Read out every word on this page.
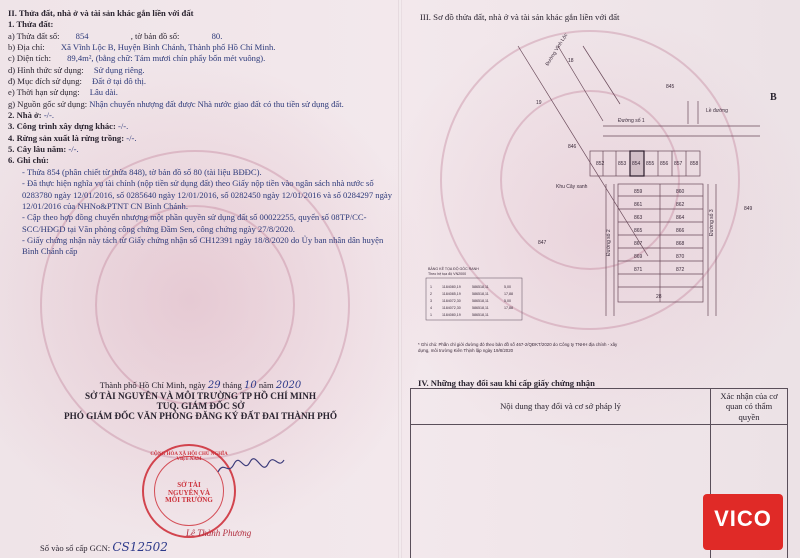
II. Thửa đất, nhà ở và tài sản khác gắn liền với đất
1. Thửa đất:
a) Thửa đất số: 854	, tờ bản đồ số:	80.
b) Địa chỉ: Xã Vĩnh Lộc B, Huyện Bình Chánh, Thành phố Hồ Chí Minh.
c) Diện tích: 89,4m², (bằng chữ: Tám mươi chín phẩy bốn mét vuông).
d) Hình thức sử dụng: Sử dụng riêng.
đ) Mục đích sử dụng: Đất ở tại đô thị.
e) Thời hạn sử dụng: Lâu dài.
g) Nguồn gốc sử dụng: Nhận chuyển nhượng đất được Nhà nước giao đất có thu tiền sử dụng đất.
2. Nhà ở: -/-.
3. Công trình xây dựng khác: -/-.
4. Rừng sản xuất là rừng trồng: -/-.
5. Cây lâu năm: -/-.
6. Ghi chú:
- Thửa 854 (phân chiết từ thửa 848), tờ bản đồ số 80 (tài liệu BĐĐC).
- Đã thực hiện nghĩa vụ tài chính (nộp tiền sử dụng đất) theo Giấy nộp tiền vào ngân sách nhà nước số 0283780 ngày 12/01/2016, số 0285640 ngày 12/01/2016, số 0282450 ngày 12/01/2016 và số 0284297 ngày 12/01/2016 của NHNo&PTNT CN Bình Chánh.
- Cập theo hợp đồng chuyển nhượng một phần quyền sử dụng đất số 00022255, quyển số 08TP/CC-SCC/HĐGD tại Văn phòng công chứng Đầm Sen, công chứng ngày 27/8/2020.
- Giấy chứng nhận này tách từ Giấy chứng nhận số CH12391 ngày 18/8/2020 do Ủy ban nhân dân huyện Bình Chánh cấp
Thành phố Hồ Chí Minh, ngày 29 tháng 10 năm 2020
SỞ TÀI NGUYÊN VÀ MÔI TRƯỜNG TP HỒ CHÍ MINH
TUQ. GIÁM ĐỐC SỞ
PHÓ GIÁM ĐỐC VĂN PHÒNG ĐĂNG KÝ ĐẤT ĐAI THÀNH PHỐ
CỘNG HÒA XÃ HỘI CHỦ NGHĨA VIỆT NAM
SỞ TÀI NGUYÊN VÀ MÔI TRƯỜNG
Lê Thành Phương
Số vào sổ cấp GCN: CS12502
III. Sơ đồ thửa đất, nhà ở và tài sản khác gắn liền với đất
852	853 854 855 856 857 858
859	860
861	862
863	864
865	866
867	868
869	870
871	872
845
846
847
849
18
19
28
Đường số 1
Khu Cây xanh
Đường số 2
Đường số 3
Lề đường
Đường Vĩnh Lộc
B
BẢNG KÊ TỌA ĐỘ GÓC RANH
Theo hệ tọa độ VN2000
1	1184080,19	586518,11	5,00
2	1184085,19	586518,11	17,88
3	1184072,30	586518,11	5,00
4	1184072,30	586518,11	17,88
1	1184080,19	586518,11
* Ghi chú: Phần chỉ giới đường đỏ theo bản đồ số 467-2/QĐKT/2020 do Công ty TNHH địa chính - xây dựng, môi trường Kiên Thịnh lập ngày 19/8/2020
IV. Những thay đổi sau khi cấp giấy chứng nhận
Nội dung thay đổi và cơ sở pháp lý	Xác nhận của cơ quan có thẩm quyền

VICO
